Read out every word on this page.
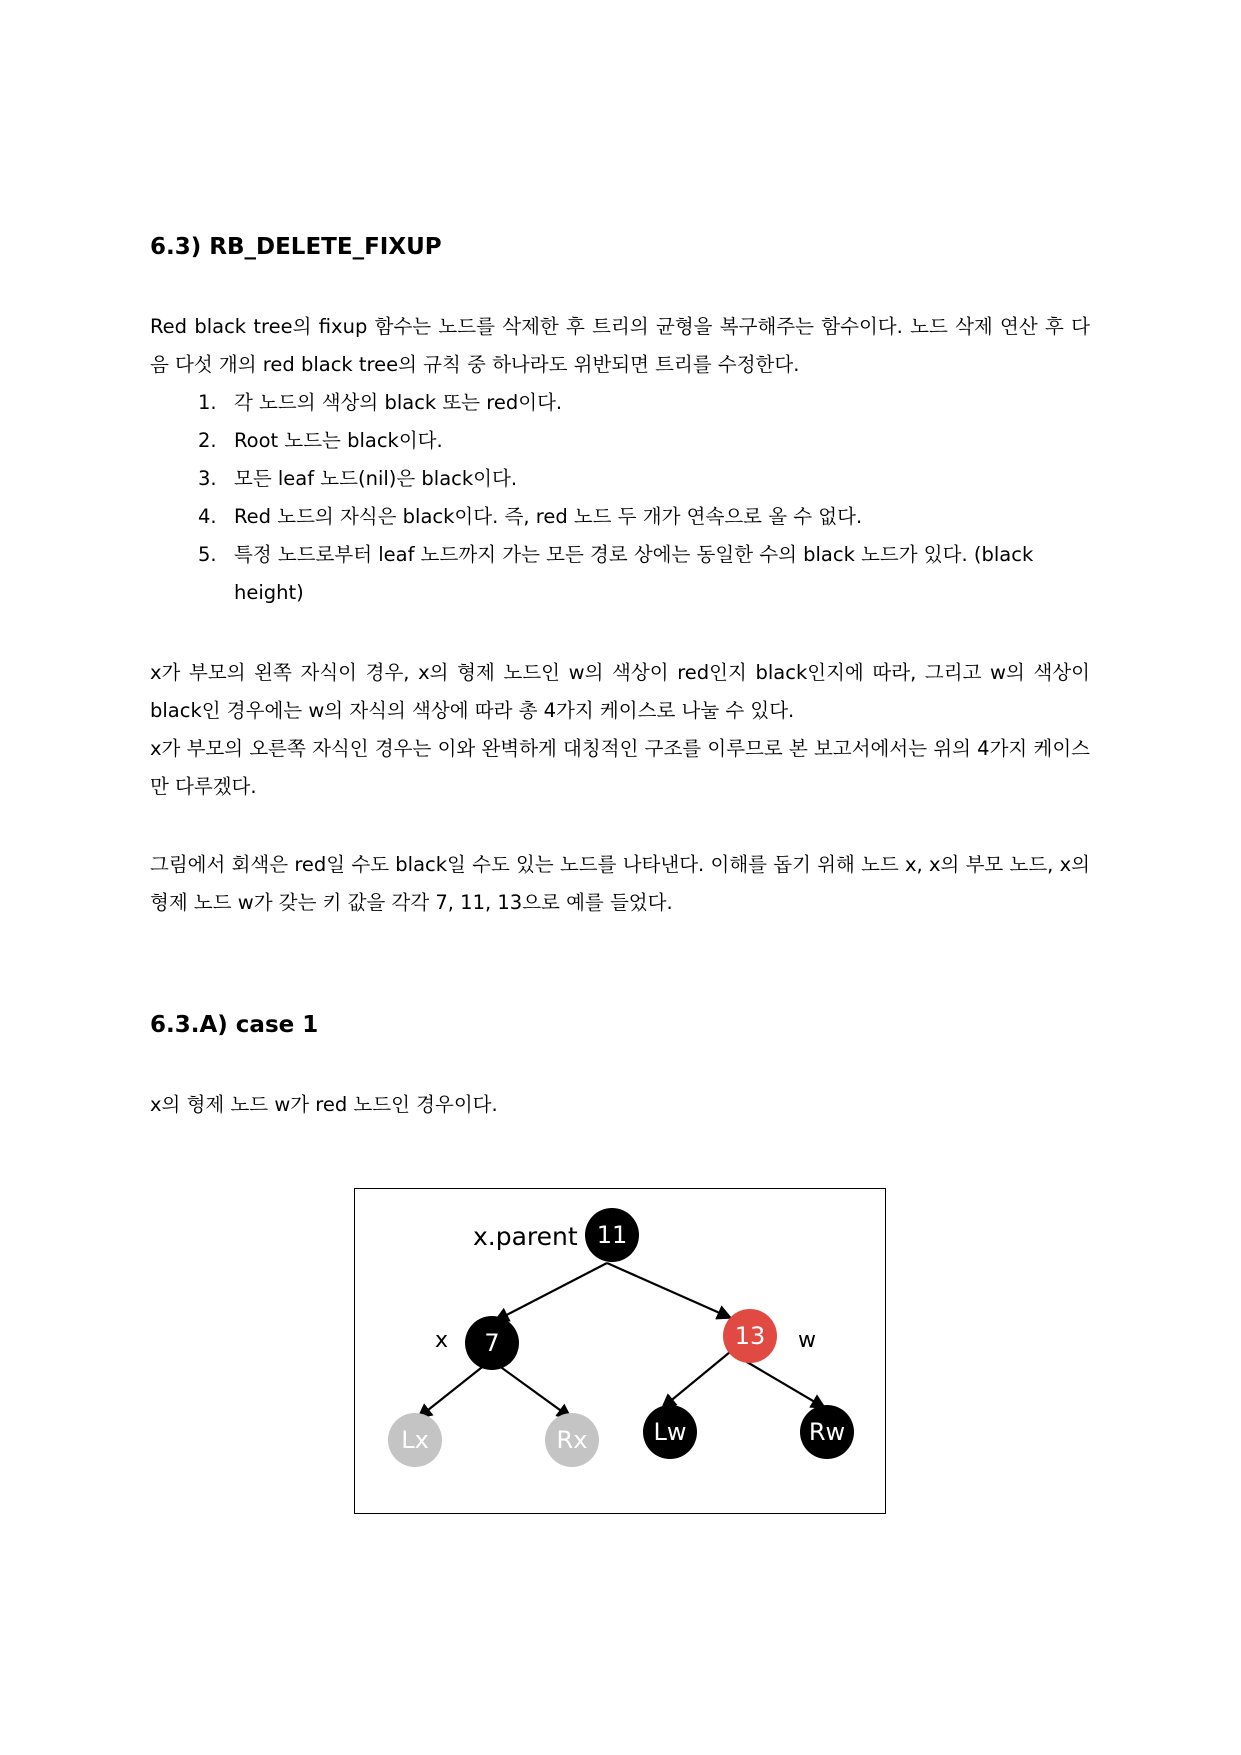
6.3) RB_DELETE_FIXUP

Red black tree의 fixup 함수는 노드를 삭제한 후 트리의 균형을 복구해주는 함수이다. 노드 삭제 연산 후 다음 다섯 개의 red black tree의 규칙 중 하나라도 위반되면 트리를 수정한다.

1. 각 노드의 색상의 black 또는 red이다.
2. Root 노드는 black이다.
3. 모든 leaf 노드(nil)은 black이다.
4. Red 노드의 자식은 black이다. 즉, red 노드 두 개가 연속으로 올 수 없다.
5. 특정 노드로부터 leaf 노드까지 가는 모든 경로 상에는 동일한 수의 black 노드가 있다. (black height)

x가 부모의 왼쪽 자식이 경우, x의 형제 노드인 w의 색상이 red인지 black인지에 따라, 그리고 w의 색상이 black인 경우에는 w의 자식의 색상에 따라 총 4가지 케이스로 나눌 수 있다.

x가 부모의 오른쪽 자식인 경우는 이와 완벽하게 대칭적인 구조를 이루므로 본 보고서에서는 위의 4가지 케이스만 다루겠다.

그림에서 회색은 red일 수도 black일 수도 있는 노드를 나타낸다. 이해를 돕기 위해 노드 x, x의 부모 노드, x의 형제 노드 w가 갖는 키 값을 각각 7, 11, 13으로 예를 들었다.

6.3.A) case 1

x의 형제 노드 w가 red 노드인 경우이다.

x.parent
x	w
11
7	13
Lx	Rx	Lw	Rw
